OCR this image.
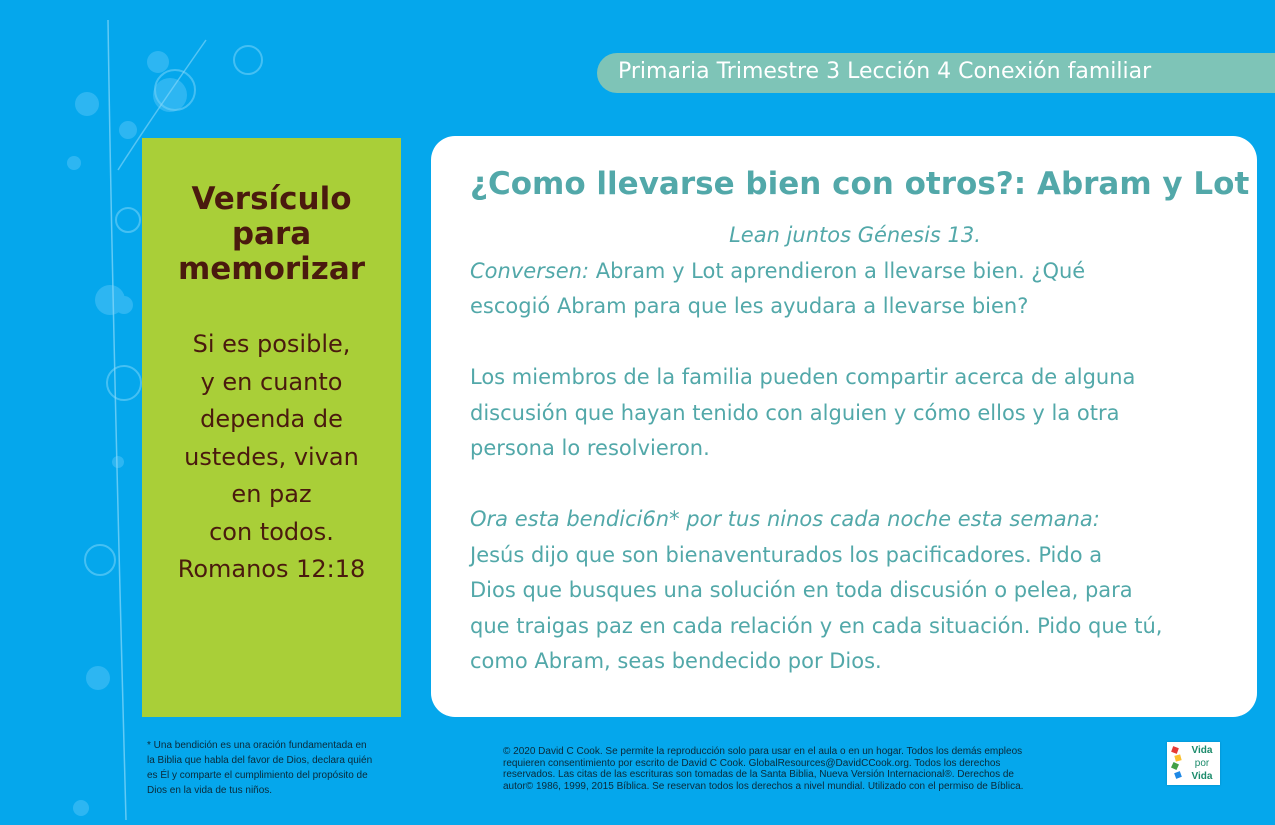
Primaria Trimestre 3 Lección 4 Conexión familiar
Versículo
para
memorizar
Si es posible,
y en cuanto
dependa de
ustedes, vivan
en paz
con todos.
Romanos 12:18
¿Como llevarse bien con otros?: Abram y Lot
Lean juntos Génesis 13.
Conversen: Abram y Lot aprendieron a llevarse bien. ¿Qué
escogió Abram para que les ayudara a llevarse bien?
Los miembros de la familia pueden compartir acerca de alguna
discusión que hayan tenido con alguien y cómo ellos y la otra
persona lo resolvieron.
Ora esta bendici6n* por tus ninos cada noche esta semana:
Jesús dijo que son bienaventurados los pacificadores. Pido a
Dios que busques una solución en toda discusión o pelea, para
que traigas paz en cada relación y en cada situación. Pido que tú,
como Abram, seas bendecido por Dios.
* Una bendición es una oración fundamentada en
la Biblia que habla del favor de Dios, declara quién
es Él y comparte el cumplimiento del propósito de
Dios en la vida de tus niños.
© 2020 David C Cook. Se permite la reproducción solo para usar en el aula o en un hogar. Todos los demás empleos
requieren consentimiento por escrito de David C Cook. GlobalResources@DavidCCook.org. Todos los derechos
reservados. Las citas de las escrituras son tomadas de la Santa Biblia, Nueva Versión Internacional®. Derechos de
autor© 1986, 1999, 2015 Bíblica. Se reservan todos los derechos a nivel mundial. Utilizado con el permiso de Bíblica.
Vida
por
Vida
